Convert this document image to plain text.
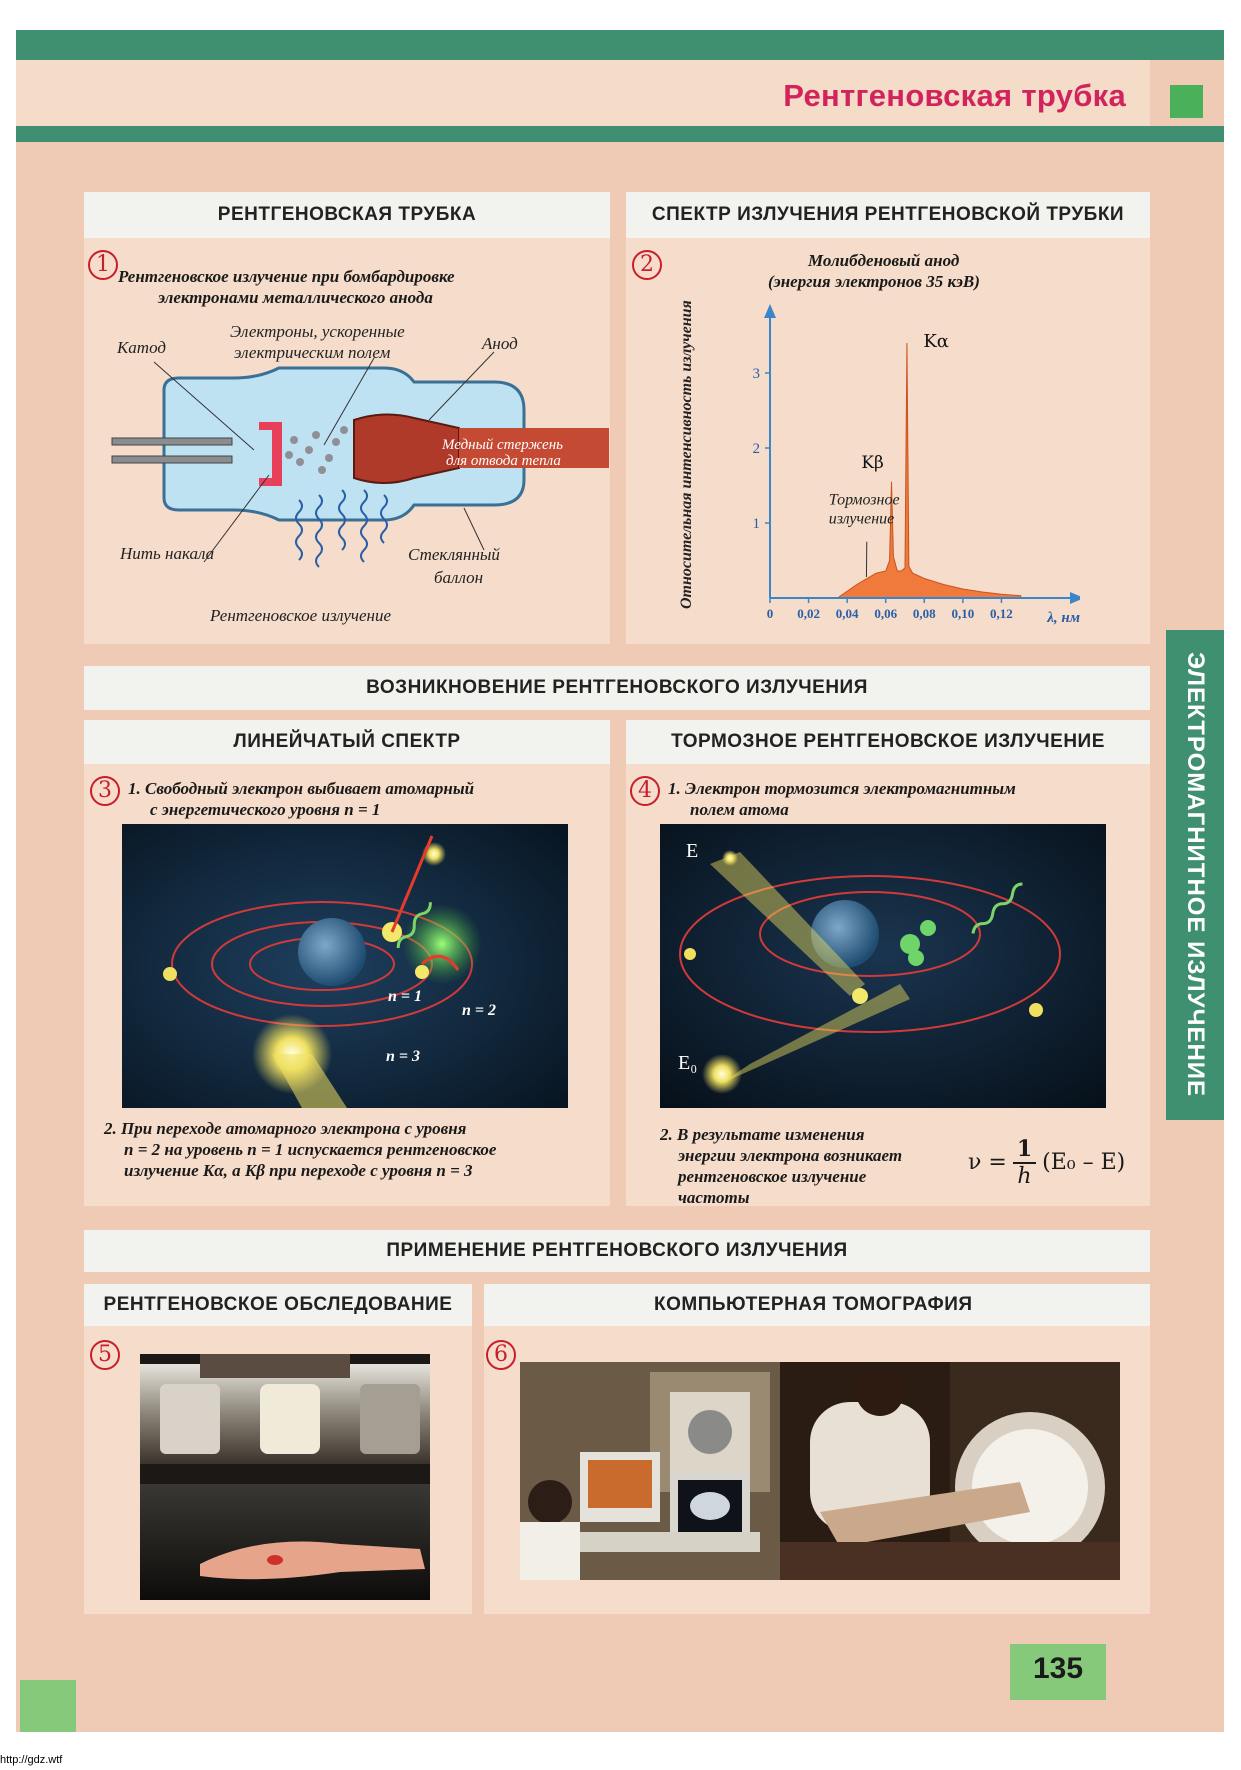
Рентгеновская трубка
ЭЛЕКТРОМАГНИТНОЕ ИЗЛУЧЕНИЕ
РЕНТГЕНОВСКАЯ ТРУБКА
1 Рентгеновское излучение при бомбардировке
электронами металлического анода
Катод
Электроны, ускоренные
электрическим полем	Анод
Медный стержень
для отвода тепла
Нить накала	Стеклянный
баллон
Рентгеновское излучение
СПЕКТР ИЗЛУЧЕНИЯ РЕНТГЕНОВСКОЙ ТРУБКИ
2	Молибденовый анод
(энергия электронов 35 кэВ)
0 0,02 0,04 0,06 0,08 0,10 0,12
1
2
3
λ, нм
Kα
Kβ
Тормозное
излучение
Относительная интенсивность излучения
ВОЗНИКНОВЕНИЕ РЕНТГЕНОВСКОГО ИЗЛУЧЕНИЯ
ЛИНЕЙЧАТЫЙ СПЕКТР
3 1. Свободный электрон выбивает атомарный
с энергетического уровня n = 1
n = 1
n = 2
n = 3
2. При переходе атомарного электрона с уровня
n = 2 на уровень n = 1 испускается рентгеновское
излучение Kα, а Kβ при переходе с уровня n = 3
ТОРМОЗНОЕ РЕНТГЕНОВСКОЕ ИЗЛУЧЕНИЕ
4 1. Электрон тормозится электромагнитным
полем атома
E
E₀
2. В результате изменения
энергии электрона возникает
рентгеновское излучение
частоты
$\nu = \frac{1}{h} (E_0 - E)$
ПРИМЕНЕНИЕ РЕНТГЕНОВСКОГО ИЗЛУЧЕНИЯ
РЕНТГЕНОВСКОЕ ОБСЛЕДОВАНИЕ
5
КОМПЬЮТЕРНАЯ ТОМОГРАФИЯ
6
135
http://gdz.wtf
